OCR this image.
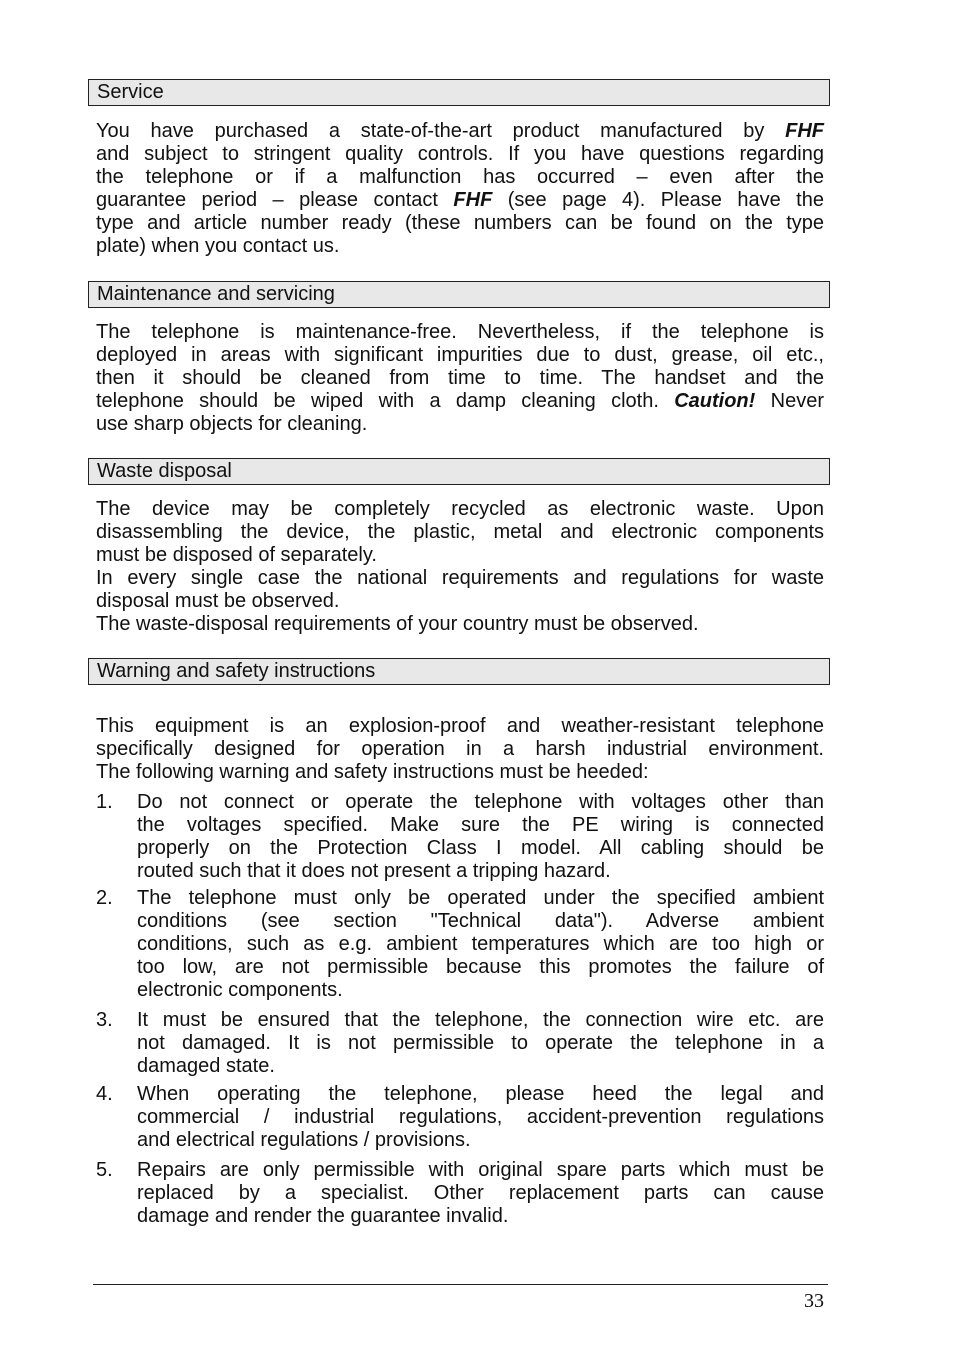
Service
You have purchased a state-of-the-art product manufactured by FHF
and subject to stringent quality controls. If you have questions regarding
the telephone or if a malfunction has occurred – even after the
guarantee period – please contact FHF (see page 4). Please have the
type and article number ready (these numbers can be found on the type
plate) when you contact us.
Maintenance and servicing
The telephone is maintenance-free. Nevertheless, if the telephone is
deployed in areas with significant impurities due to dust, grease, oil etc.,
then it should be cleaned from time to time. The handset and the
telephone should be wiped with a damp cleaning cloth. Caution! Never
use sharp objects for cleaning.
Waste disposal
The device may be completely recycled as electronic waste. Upon
disassembling the device, the plastic, metal and electronic components
must be disposed of separately.
In every single case the national requirements and regulations for waste
disposal must be observed.
The waste-disposal requirements of your country must be observed.
Warning and safety instructions
This equipment is an explosion-proof and weather-resistant telephone
specifically designed for operation in a harsh industrial environment.
The following warning and safety instructions must be heeded:
1.	Do not connect or operate the telephone with voltages other than
the voltages specified. Make sure the PE wiring is connected
properly on the Protection Class I model. All cabling should be
routed such that it does not present a tripping hazard.
2.	The telephone must only be operated under the specified ambient
conditions (see section "Technical data"). Adverse ambient
conditions, such as e.g. ambient temperatures which are too high or
too low, are not permissible because this promotes the failure of
electronic components.
3.	It must be ensured that the telephone, the connection wire etc. are
not damaged. It is not permissible to operate the telephone in a
damaged state.
4.	When operating the telephone, please heed the legal and
commercial / industrial regulations, accident-prevention regulations
and electrical regulations / provisions.
5.	Repairs are only permissible with original spare parts which must be
replaced by a specialist. Other replacement parts can cause
damage and render the guarantee invalid.
33
